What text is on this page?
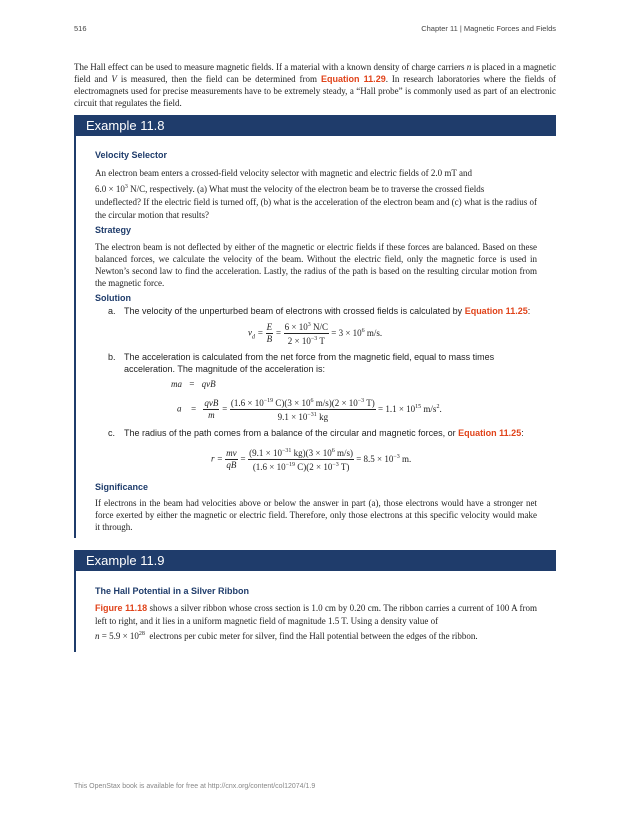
516	Chapter 11 | Magnetic Forces and Fields
The Hall effect can be used to measure magnetic fields. If a material with a known density of charge carriers n is placed in a magnetic field and V is measured, then the field can be determined from Equation 11.29. In research laboratories where the fields of electromagnets used for precise measurements have to be extremely steady, a “Hall probe” is commonly used as part of an electronic circuit that regulates the field.
Example 11.8
Velocity Selector
An electron beam enters a crossed-field velocity selector with magnetic and electric fields of 2.0 mT and
$6.0 \times 10^3$ N/C, respectively. (a) What must the velocity of the electron beam be to traverse the crossed fields
undeflected? If the electric field is turned off, (b) what is the acceleration of the electron beam and (c) what is the radius of the circular motion that results?
Strategy
The electron beam is not deflected by either of the magnetic or electric fields if these forces are balanced. Based on these balanced forces, we calculate the velocity of the beam. Without the electric field, only the magnetic force is used in Newton’s second law to find the acceleration. Lastly, the radius of the path is based on the resulting circular motion from the magnetic force.
Solution
a. The velocity of the unperturbed beam of electrons with crossed fields is calculated by Equation 11.25:
$v_d = \frac{E}{B} = \frac{6 \times 10^3 N/C}{2 \times 10^{-3} T} = 3 \times 10^6$ m/s.
b. The acceleration is calculated from the net force from the magnetic field, equal to mass times acceleration. The magnitude of the acceleration is:
ma   =   qvB
a    = $\frac{\text{qvB}}{m} = \frac{(1.6 \times 10^{-19} C)(3 \times 10^6 m/s)(2 \times 10^{-3} T)}{9.1 \times 10^{-31} kg} = 1.1 \times 10^{15}$ $m/s^2$.
c. The radius of the path comes from a balance of the circular and magnetic forces, or Equation 11.25:
$r = \frac{mv}{qB} = \frac{(9.1 \times 10^{-31} kg)(3 \times 10^6 m/s)}{(1.6 \times 10^{-19} C)(2 \times 10^{-3} T)} = 8.5 \times 10^{-3}$ m.
Significance
If electrons in the beam had velocities above or below the answer in part (a), those electrons would have a stronger net force exerted by either the magnetic or electric field. Therefore, only those electrons at this specific velocity would make it through.
Example 11.9
The Hall Potential in a Silver Ribbon
Figure 11.18 shows a silver ribbon whose cross section is 1.0 cm by 0.20 cm. The ribbon carries a current of 100 A from left to right, and it lies in a uniform magnetic field of magnitude 1.5 T. Using a density value of
$n = 5.9 \times 10^{28}$ electrons per cubic meter for silver, find the Hall potential between the edges of the ribbon.
This OpenStax book is available for free at http://cnx.org/content/col12074/1.9
